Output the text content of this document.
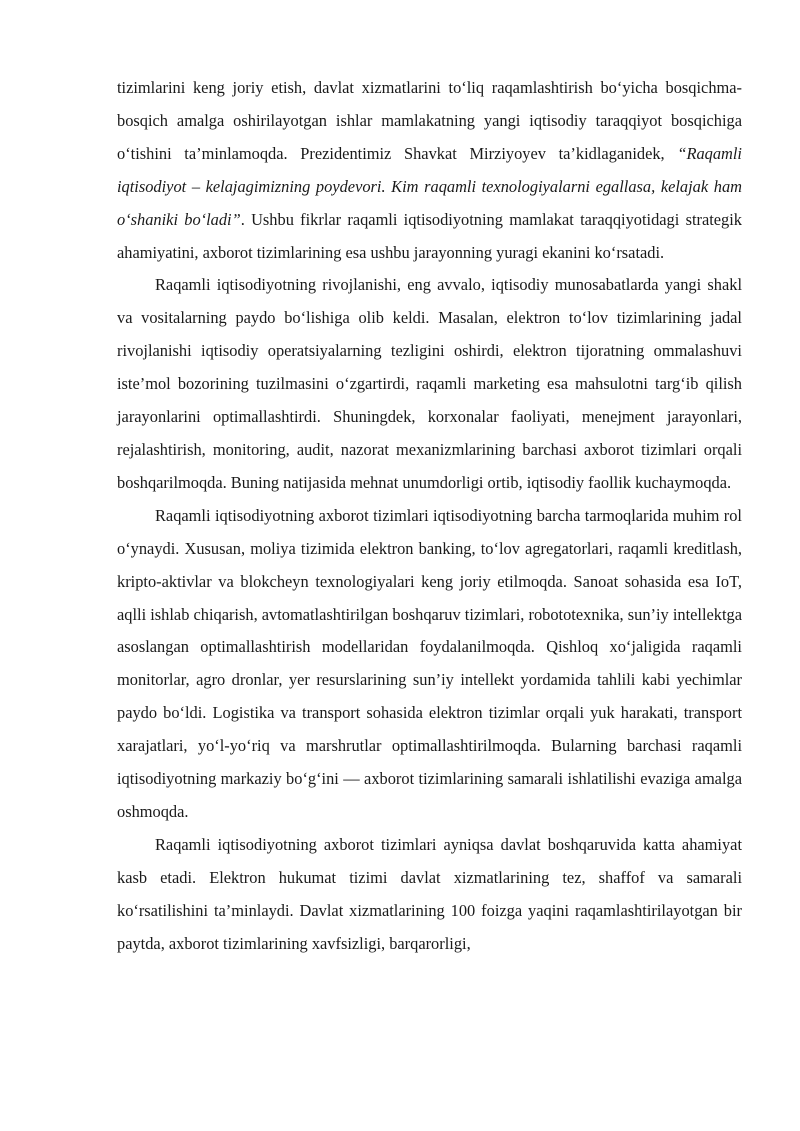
tizimlarini keng joriy etish, davlat xizmatlarini to‘liq raqamlashtirish bo‘yicha bosqichma-bosqich amalga oshirilayotgan ishlar mamlakatning yangi iqtisodiy taraqqiyot bosqichiga o‘tishini ta’minlamoqda. Prezidentimiz Shavkat Mirziyoyev ta’kidlaganidek, “Raqamli iqtisodiyot – kelajagimizning poydevori. Kim raqamli texnologiyalarni egallasa, kelajak ham o‘shaniki bo‘ladi”. Ushbu fikrlar raqamli iqtisodiyotning mamlakat taraqqiyotidagi strategik ahamiyatini, axborot tizimlarining esa ushbu jarayonning yuragi ekanini ko‘rsatadi.

Raqamli iqtisodiyotning rivojlanishi, eng avvalo, iqtisodiy munosabatlarda yangi shakl va vositalarning paydo bo‘lishiga olib keldi. Masalan, elektron to‘lov tizimlarining jadal rivojlanishi iqtisodiy operatsiyalarning tezligini oshirdi, elektron tijoratning ommalashuvi iste’mol bozorining tuzilmasini o‘zgartirdi, raqamli marketing esa mahsulotni targ‘ib qilish jarayonlarini optimallashtirdi. Shuningdek, korxonalar faoliyati, menejment jarayonlari, rejalashtirish, monitoring, audit, nazorat mexanizmlarining barchasi axborot tizimlari orqali boshqarilmoqda. Buning natijasida mehnat unumdorligi ortib, iqtisodiy faollik kuchaymoqda.

Raqamli iqtisodiyotning axborot tizimlari iqtisodiyotning barcha tarmoqlarida muhim rol o‘ynaydi. Xususan, moliya tizimida elektron banking, to‘lov agregatorlari, raqamli kreditlash, kripto-aktivlar va blokcheyn texnologiyalari keng joriy etilmoqda. Sanoat sohasida esa IoT, aqlli ishlab chiqarish, avtomatlashtirilgan boshqaruv tizimlari, robototexnika, sun’iy intellektga asoslangan optimallashtirish modellaridan foydalanilmoqda. Qishloq xo‘jaligida raqamli monitorlar, agro dronlar, yer resurslarining sun’iy intellekt yordamida tahlili kabi yechimlar paydo bo‘ldi. Logistika va transport sohasida elektron tizimlar orqali yuk harakati, transport xarajatlari, yo‘l-yo‘riq va marshrutlar optimallashtirilmoqda. Bularning barchasi raqamli iqtisodiyotning markaziy bo‘g‘ini — axborot tizimlarining samarali ishlatilishi evaziga amalga oshmoqda.

Raqamli iqtisodiyotning axborot tizimlari ayniqsa davlat boshqaruvida katta ahamiyat kasb etadi. Elektron hukumat tizimi davlat xizmatlarining tez, shaffof va samarali ko‘rsatilishini ta’minlaydi. Davlat xizmatlarining 100 foizga yaqini raqamlashtirilayotgan bir paytda, axborot tizimlarining xavfsizligi, barqarorligi,
